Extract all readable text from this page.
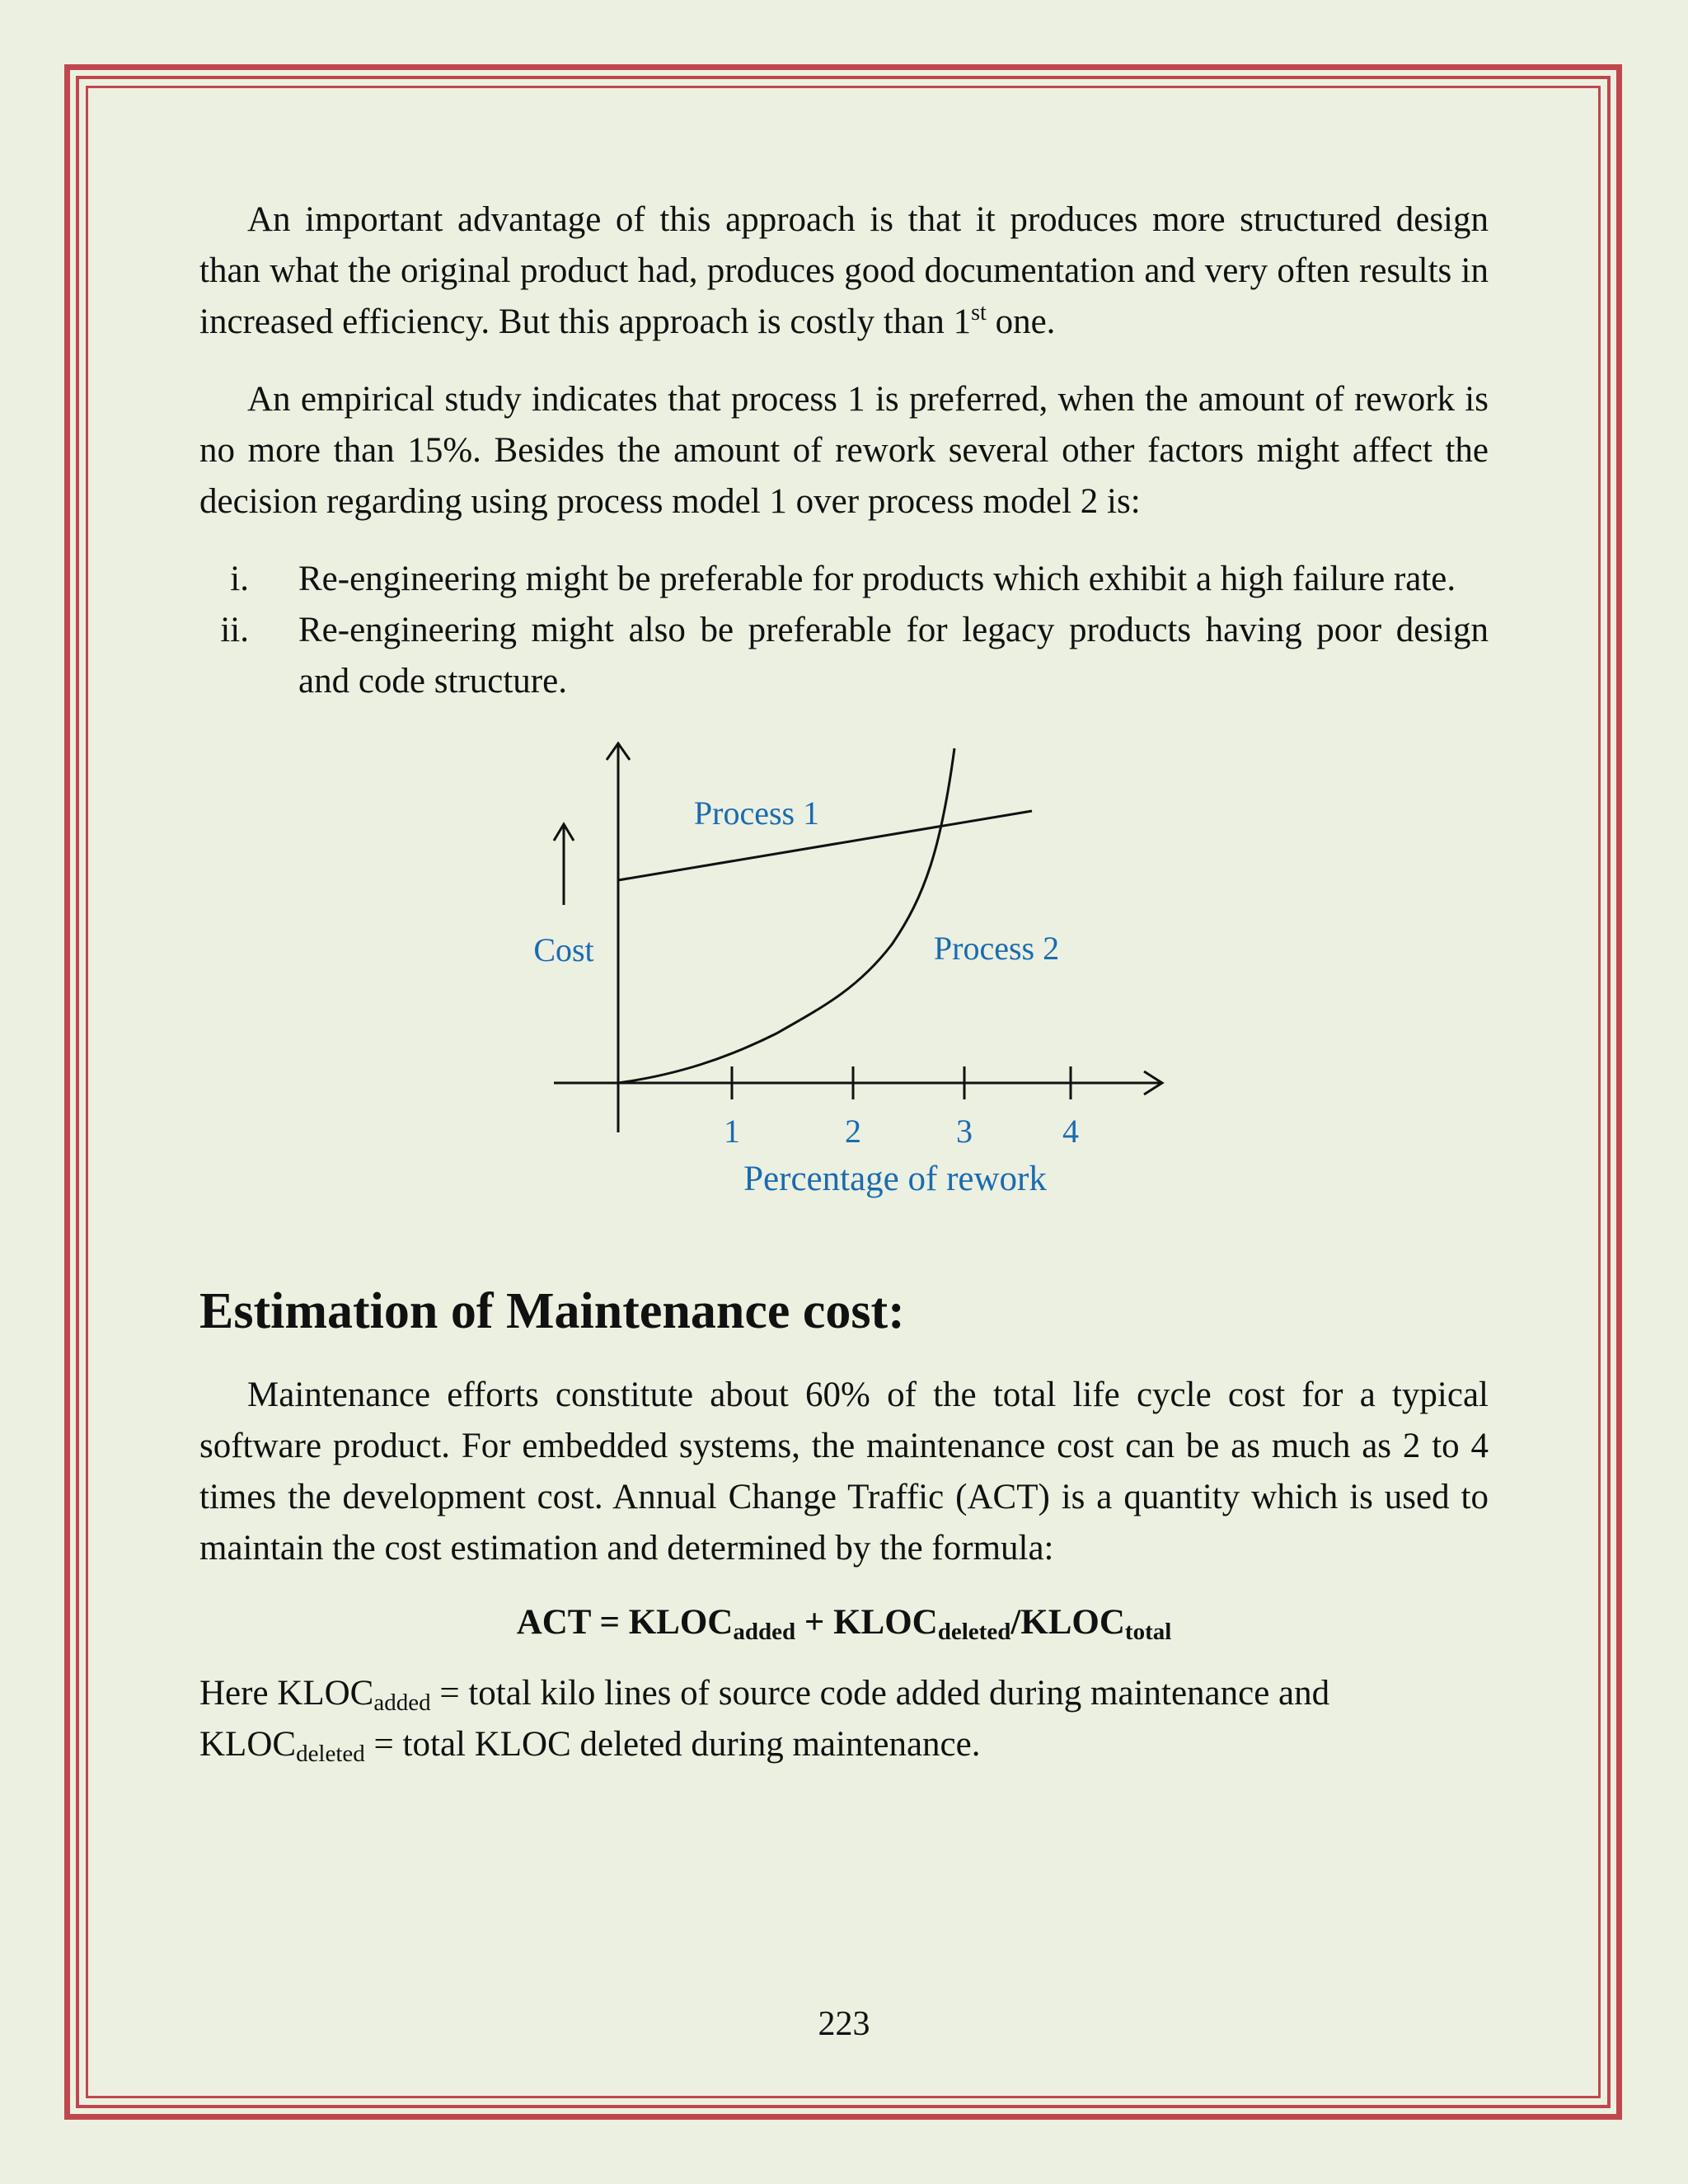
An important advantage of this approach is that it produces more structured design than what the original product had, produces good documentation and very often results in increased efficiency. But this approach is costly than 1st one.

An empirical study indicates that process 1 is preferred, when the amount of rework is no more than 15%. Besides the amount of rework several other factors might affect the decision regarding using process model 1 over process model 2 is:

i. Re-engineering might be preferable for products which exhibit a high failure rate.
ii. Re-engineering might also be preferable for legacy products having poor design and code structure.
Process 1
Process 2
Cost
1	2	3	4
Percentage of rework
Estimation of Maintenance cost:

Maintenance efforts constitute about 60% of the total life cycle cost for a typical software product. For embedded systems, the maintenance cost can be as much as 2 to 4 times the development cost. Annual Change Traffic (ACT) is a quantity which is used to maintain the cost estimation and determined by the formula:

ACT = $KLOC_{added}$ + $KLOC_{deleted}/KLOC_{total}$

Here $KLOC_{added}$ = total kilo lines of source code added during maintenance and
$KLOC_{deleted}$ = total KLOC deleted during maintenance.

223
